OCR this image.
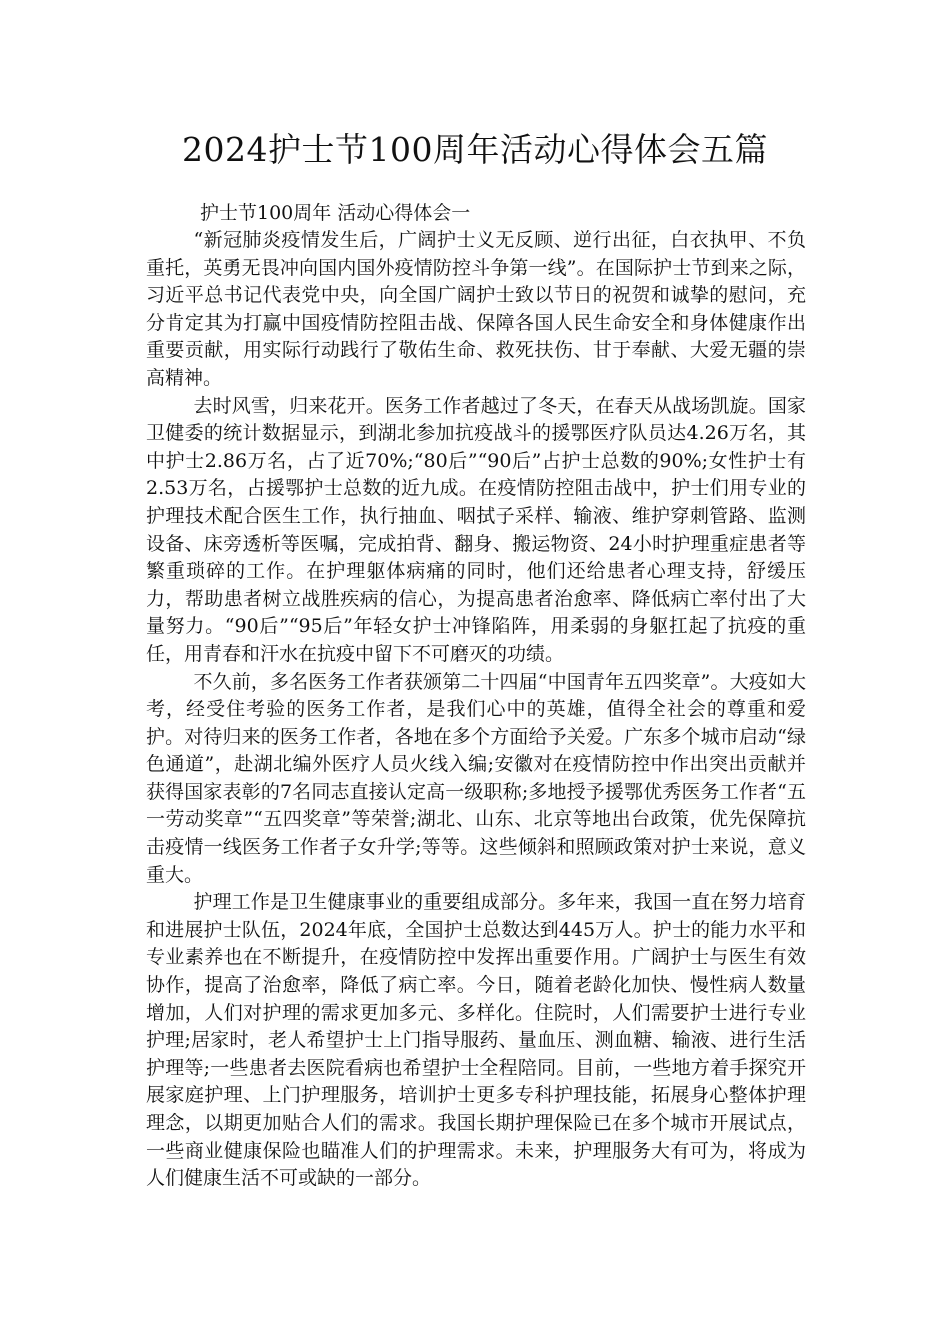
2024护士节100周年活动心得体会五篇

护士节100周年 活动心得体会一

“新冠肺炎疫情发生后，广阔护士义无反顾、逆行出征，白衣执甲、不负重托，英勇无畏冲向国内国外疫情防控斗争第一线”。在国际护士节到来之际，习近平总书记代表党中央，向全国广阔护士致以节日的祝贺和诚挚的慰问，充分肯定其为打赢中国疫情防控阻击战、保障各国人民生命安全和身体健康作出重要贡献，用实际行动践行了敬佑生命、救死扶伤、甘于奉献、大爱无疆的崇高精神。

去时风雪，归来花开。医务工作者越过了冬天，在春天从战场凯旋。国家卫健委的统计数据显示，到湖北参加抗疫战斗的援鄂医疗队员达4.26万名，其中护士2.86万名，占了近70%;“80后”“90后”占护士总数的90%;女性护士有2.53万名，占援鄂护士总数的近九成。在疫情防控阻击战中，护士们用专业的护理技术配合医生工作，执行抽血、咽拭子采样、输液、维护穿刺管路、监测设备、床旁透析等医嘱，完成拍背、翻身、搬运物资、24小时护理重症患者等繁重琐碎的工作。在护理躯体病痛的同时，他们还给患者心理支持，舒缓压力，帮助患者树立战胜疾病的信心，为提高患者治愈率、降低病亡率付出了大量努力。“90后”“95后”年轻女护士冲锋陷阵，用柔弱的身躯扛起了抗疫的重任，用青春和汗水在抗疫中留下不可磨灭的功绩。

不久前，多名医务工作者获颁第二十四届“中国青年五四奖章”。大疫如大考，经受住考验的医务工作者，是我们心中的英雄，值得全社会的尊重和爱护。对待归来的医务工作者，各地在多个方面给予关爱。广东多个城市启动“绿色通道”，赴湖北编外医疗人员火线入编;安徽对在疫情防控中作出突出贡献并获得国家表彰的7名同志直接认定高一级职称;多地授予援鄂优秀医务工作者“五一劳动奖章”“五四奖章”等荣誉;湖北、山东、北京等地出台政策，优先保障抗击疫情一线医务工作者子女升学;等等。这些倾斜和照顾政策对护士来说，意义重大。

护理工作是卫生健康事业的重要组成部分。多年来，我国一直在努力培育和进展护士队伍，2024年底，全国护士总数达到445万人。护士的能力水平和专业素养也在不断提升，在疫情防控中发挥出重要作用。广阔护士与医生有效协作，提高了治愈率，降低了病亡率。今日，随着老龄化加快、慢性病人数量增加，人们对护理的需求更加多元、多样化。住院时，人们需要护士进行专业护理;居家时，老人希望护士上门指导服药、量血压、测血糖、输液、进行生活护理等;一些患者去医院看病也希望护士全程陪同。目前，一些地方着手探究开展家庭护理、上门护理服务，培训护士更多专科护理技能，拓展身心整体护理理念，以期更加贴合人们的需求。我国长期护理保险已在多个城市开展试点，一些商业健康保险也瞄准人们的护理需求。未来，护理服务大有可为，将成为人们健康生活不可或缺的一部分。
